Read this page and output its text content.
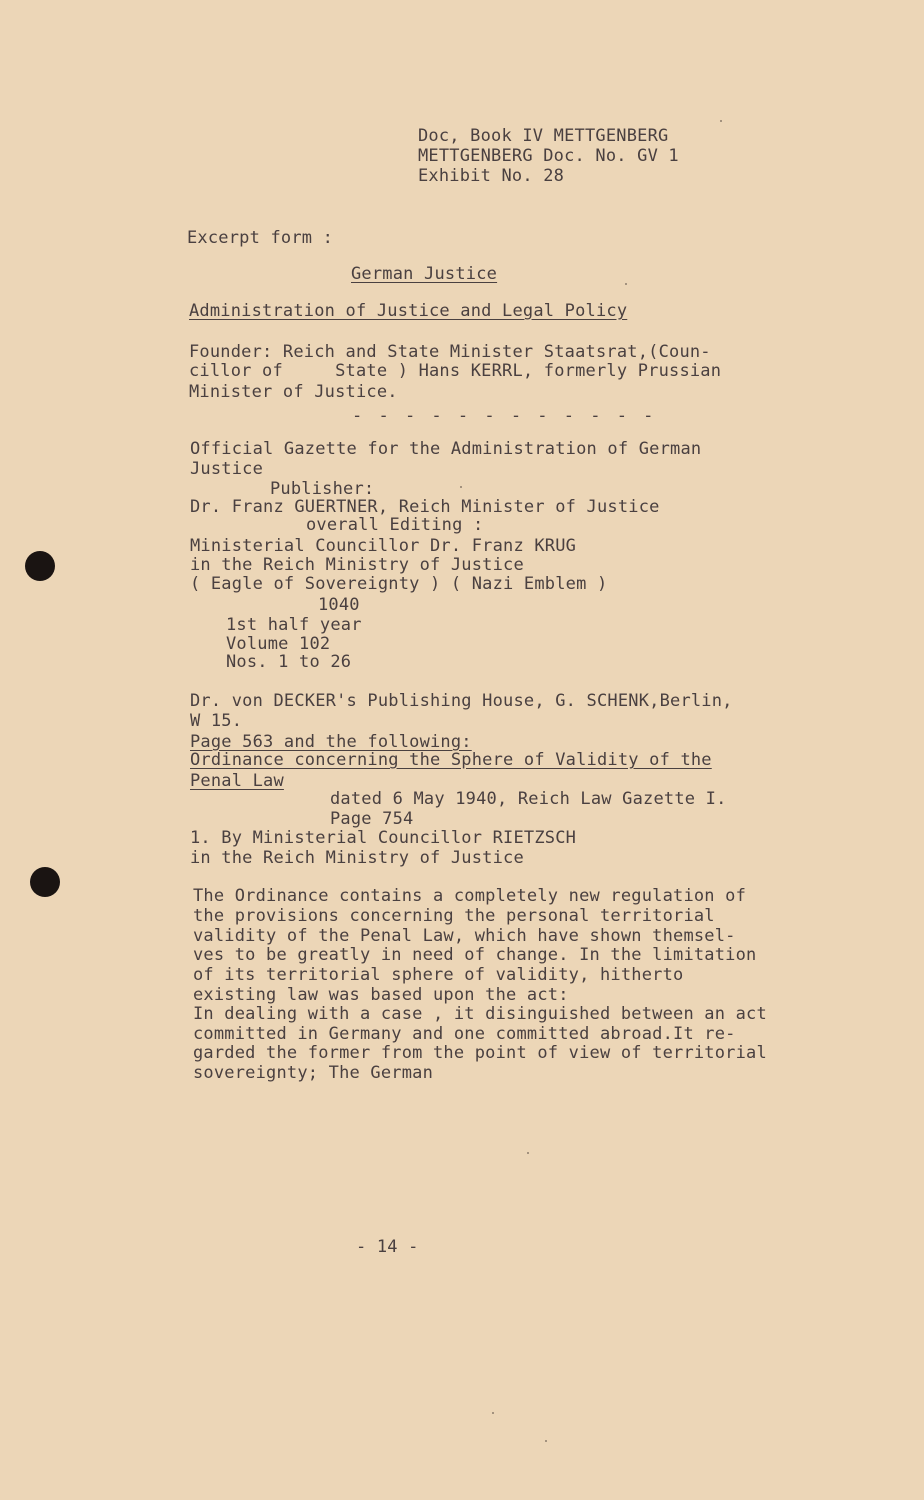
Doc, Book IV METTGENBERG
METTGENBERG Doc. No. GV 1
Exhibit No. 28
Excerpt form :
German Justice
Administration of Justice and Legal Policy
Founder: Reich and State Minister Staatsrat,(Coun-
cillor of     State ) Hans KERRL, formerly Prussian
Minister of Justice.
- - - - - - - - - - - -
Official Gazette for the Administration of German
Justice
Publisher:
Dr. Franz GUERTNER, Reich Minister of Justice
overall Editing :
Ministerial Councillor Dr. Franz KRUG
in the Reich Ministry of Justice
( Eagle of Sovereignty ) ( Nazi Emblem )
1040
1st half year
Volume 102
Nos. 1 to 26
Dr. von DECKER's Publishing House, G. SCHENK,Berlin,
W 15.
Page 563 and the following:
Ordinance concerning the Sphere of Validity of the
Penal Law
dated 6 May 1940, Reich Law Gazette I.
Page 754
1. By Ministerial Councillor RIETZSCH
in the Reich Ministry of Justice
The Ordinance contains a completely new regulation of
the provisions concerning the personal territorial
validity of the Penal Law, which have shown themsel-
ves to be greatly in need of change. In the limitation
of its territorial sphere of validity, hitherto
existing law was based upon the act:
In dealing with a case , it disinguished between an act
committed in Germany and one committed abroad.It re-
garded the former from the point of view of territorial
sovereignty; The German
- 14 -
